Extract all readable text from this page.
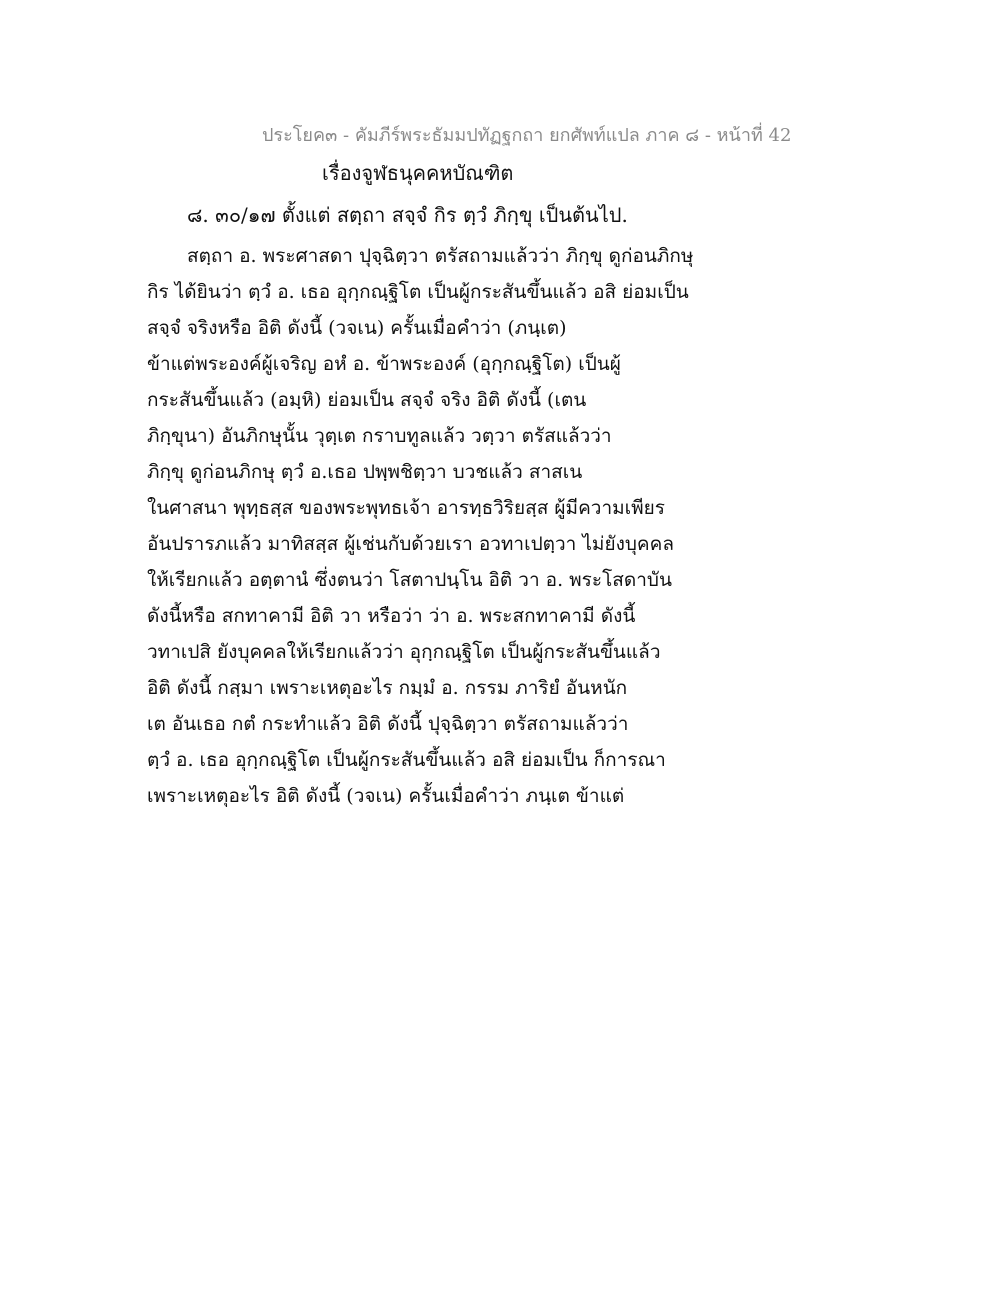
ประโยค๓ - คัมภีร์พระธัมมปทัฏฐกถา ยกศัพท์แปล ภาค ๘ - หน้าที่ 42
เรื่องจูฬธนุคคหบัณฑิต
๘. ๓๐/๑๗ ตั้งแต่ สตฺถา สจฺจํ กิร ตฺวํ ภิกฺขุ เป็นต้นไป.
สตฺถา อ. พระศาสดา ปุจฺฉิตฺวา ตรัสถามแล้วว่า ภิกฺขุ ดูก่อนภิกษุ
กิร ได้ยินว่า ตฺวํ อ. เธอ อุกฺกณฺฐิโต เป็นผู้กระสันขึ้นแล้ว อสิ ย่อมเป็น
สจฺจํ จริงหรือ อิติ ดังนี้ (วจเน) ครั้นเมื่อคำว่า (ภนฺเต)
ข้าแต่พระองค์ผู้เจริญ อหํ อ. ข้าพระองค์ (อุกฺกณฺฐิโต) เป็นผู้
กระสันขึ้นแล้ว (อมฺหิ) ย่อมเป็น สจฺจํ จริง อิติ ดังนี้ (เตน
ภิกฺขุนา) อันภิกษุนั้น วุตฺเต กราบทูลแล้ว วตฺวา ตรัสแล้วว่า
ภิกฺขุ ดูก่อนภิกษุ ตฺวํ อ.เธอ ปพฺพชิตฺวา บวชแล้ว สาสเน
ในศาสนา พุทฺธสฺส ของพระพุทธเจ้า อารทฺธวิริยสฺส ผู้มีความเพียร
อันปรารภแล้ว มาทิสสฺส ผู้เช่นกับด้วยเรา อวทาเปตฺวา ไม่ยังบุคคล
ให้เรียกแล้ว อตฺตานํ ซึ่งตนว่า โสตาปนฺโน อิติ วา อ. พระโสดาบัน
ดังนี้หรือ สกทาคามี อิติ วา หรือว่า ว่า อ. พระสกทาคามี ดังนี้
วทาเปสิ ยังบุคคลให้เรียกแล้วว่า อุกฺกณฺฐิโต เป็นผู้กระสันขึ้นแล้ว
อิติ ดังนี้ กสฺมา เพราะเหตุอะไร กมฺมํ อ. กรรม ภาริยํ อันหนัก
เต อันเธอ กตํ กระทำแล้ว อิติ ดังนี้ ปุจฺฉิตฺวา ตรัสถามแล้วว่า
ตฺวํ อ. เธอ อุกฺกณฺฐิโต เป็นผู้กระสันขึ้นแล้ว อสิ ย่อมเป็น ก็การณา
เพราะเหตุอะไร อิติ ดังนี้ (วจเน) ครั้นเมื่อคำว่า ภนฺเต ข้าแต่
